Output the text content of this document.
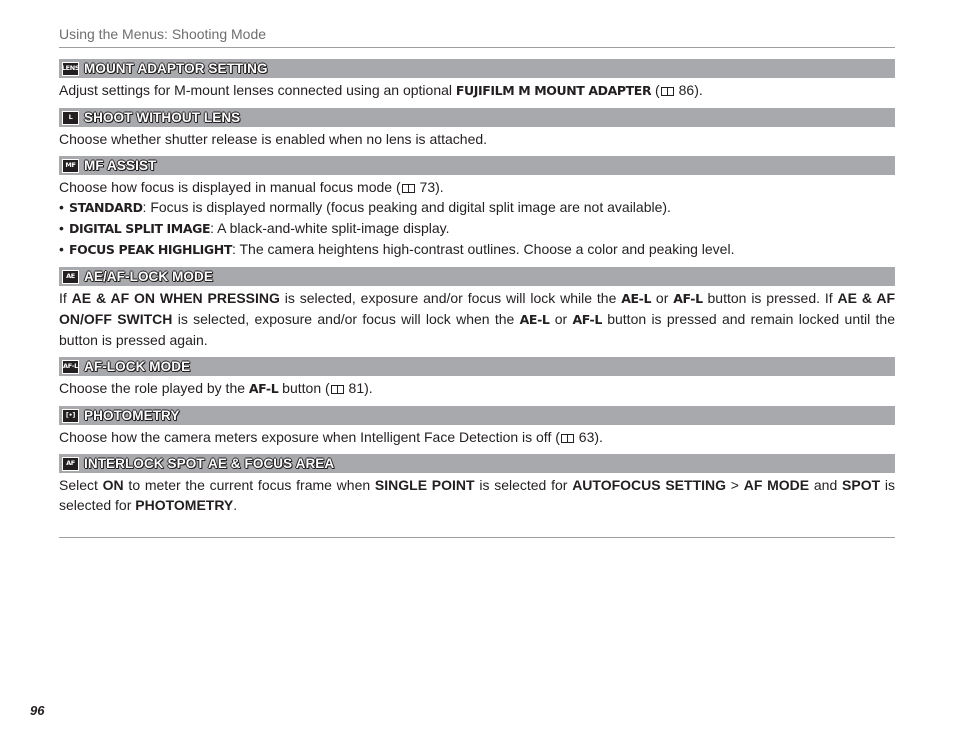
Using the Menus: Shooting Mode
LENS MOUNT ADAPTOR SETTING

Adjust settings for M-mount lenses connected using an optional FUJIFILM M MOUNT ADAPTER ( 86).

L SHOOT WITHOUT LENS

Choose whether shutter release is enabled when no lens is attached.

MF MF ASSIST

Choose how focus is displayed in manual focus mode ( 73).

• STANDARD: Focus is displayed normally (focus peaking and digital split image are not available).
• DIGITAL SPLIT IMAGE: A black-and-white split-image display.
• FOCUS PEAK HIGHLIGHT: The camera heightens high-contrast outlines. Choose a color and peaking level.
AE AE/AF-LOCK MODE

If AE & AF ON WHEN PRESSING is selected, exposure and/or focus will lock while the AE-L or AF-L button is pressed. If AE & AF ON/OFF SWITCH is selected, exposure and/or focus will lock when the AE-L or AF-L button is pressed and remain locked until the button is pressed again.

AF-L AF-LOCK MODE

Choose the role played by the AF-L button ( 81).

[•] PHOTOMETRY

Choose how the camera meters exposure when Intelligent Face Detection is off ( 63).

AF INTERLOCK SPOT AE & FOCUS AREA

Select ON to meter the current focus frame when SINGLE POINT is selected for AUTOFOCUS SETTING > AF MODE and SPOT is selected for PHOTOMETRY.

96
